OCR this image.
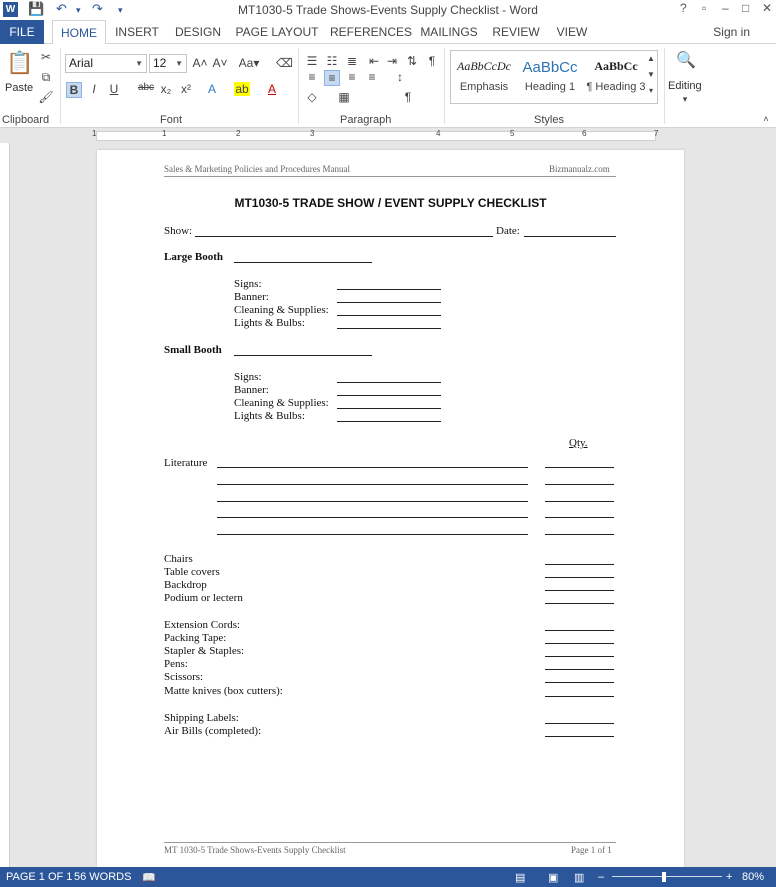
W 💾 ↶ ▾ ↷ ▾	MT1030-5 Trade Shows-Events Supply Checklist - Word	? ▫ – □ ✕
FILE	HOME	INSERT DESIGN PAGE LAYOUT REFERENCES MAILINGS REVIEW	VIEW	Sign in
📋
Paste
✂
⧉
🖌
Clipboard
Arial	▼ 12 ▼ A˄ A˅ Aa▾ ⌫
B	I	U	abc x₂ x²	A	ab	A
Font
☰ ☷ ≣ ⇤ ⇥ ⇅ ¶
≡	≡	≡	≡	↕
◇ ▦	¶
Paragraph
AaBbCcDc
Emphasis
AaBbCc
Heading 1
AaBbCc
¶ Heading 3
▲
▼
▾
Styles
🔍
Editing
▾
˄
1	1	2	3	4	5	6	7
Sales & Marketing Policies and Procedures Manual	Bizmanualz.com
MT1030-5 TRADE SHOW / EVENT SUPPLY CHECKLIST
Show:	Date:
Large Booth
Signs:
Banner:
Cleaning & Supplies:
Lights & Bulbs:
Small Booth
Signs:
Banner:
Cleaning & Supplies:
Lights & Bulbs:
Qty.
Literature
Chairs
Table covers
Backdrop
Podium or lectern
Extension Cords:
Packing Tape:
Stapler & Staples:
Pens:
Scissors:
Matte knives (box cutters):
Shipping Labels:
Air Bills (completed):
MT 1030-5 Trade Shows-Events Supply Checklist	Page 1 of 1
PAGE 1 OF 1 56 WORDS 📖	▤ ▣ ▥ –	+ 80%
